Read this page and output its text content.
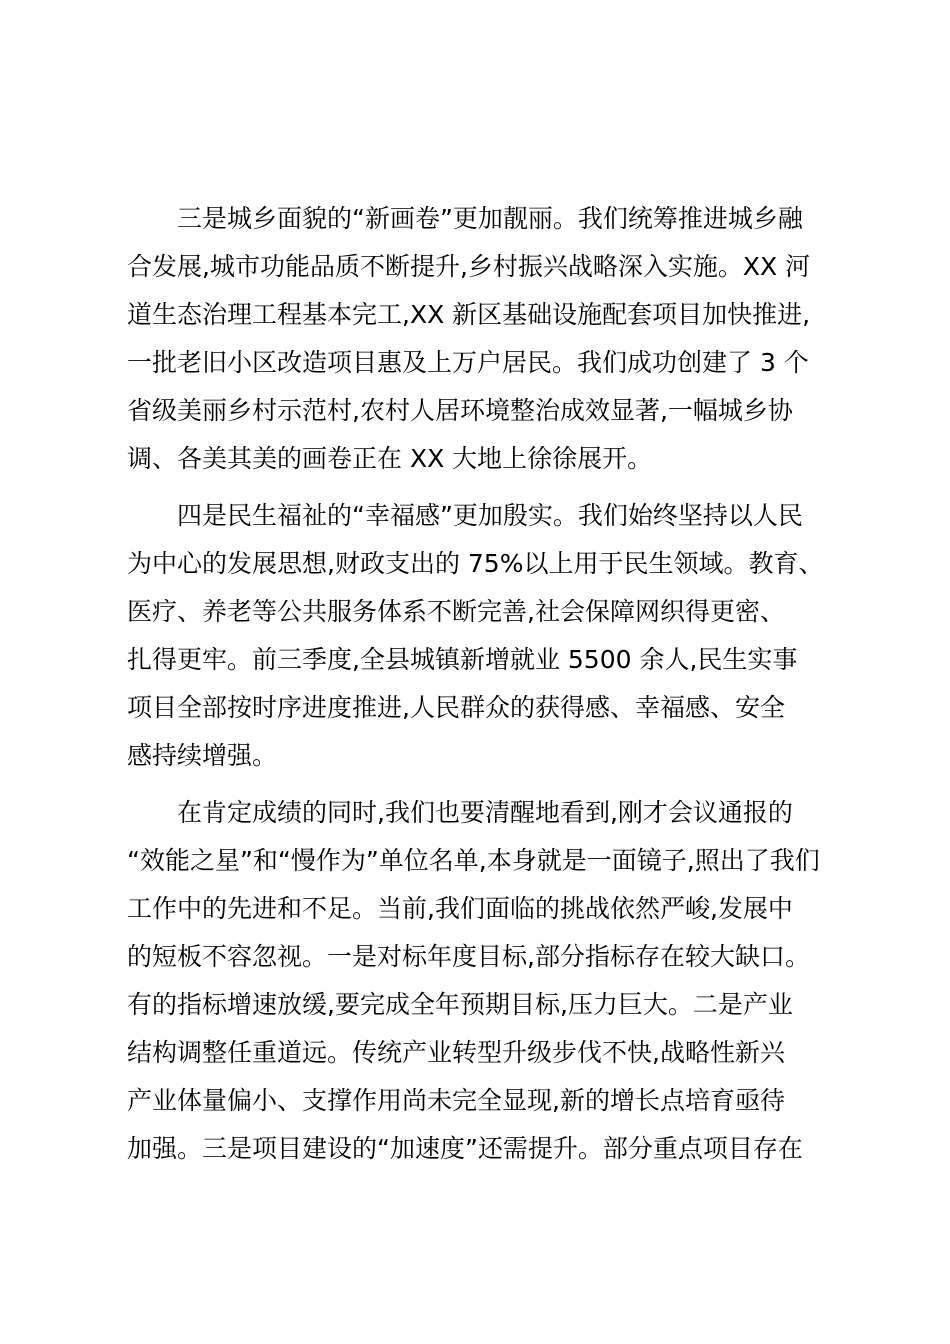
三是城乡面貌的“新画卷”更加靓丽。我们统筹推进城乡融
合发展,城市功能品质不断提升,乡村振兴战略深入实施。XX 河
道生态治理工程基本完工,XX 新区基础设施配套项目加快推进,
一批老旧小区改造项目惠及上万户居民。我们成功创建了 3 个
省级美丽乡村示范村,农村人居环境整治成效显著,一幅城乡协
调、各美其美的画卷正在 XX 大地上徐徐展开。
四是民生福祉的“幸福感”更加殷实。我们始终坚持以人民
为中心的发展思想,财政支出的 75%以上用于民生领域。教育、
医疗、养老等公共服务体系不断完善,社会保障网织得更密、
扎得更牢。前三季度,全县城镇新增就业 5500 余人,民生实事
项目全部按时序进度推进,人民群众的获得感、幸福感、安全
感持续增强。
在肯定成绩的同时,我们也要清醒地看到,刚才会议通报的
“效能之星”和“慢作为”单位名单,本身就是一面镜子,照出了我们
工作中的先进和不足。当前,我们面临的挑战依然严峻,发展中
的短板不容忽视。一是对标年度目标,部分指标存在较大缺口。
有的指标增速放缓,要完成全年预期目标,压力巨大。二是产业
结构调整任重道远。传统产业转型升级步伐不快,战略性新兴
产业体量偏小、支撑作用尚未完全显现,新的增长点培育亟待
加强。三是项目建设的“加速度”还需提升。部分重点项目存在
